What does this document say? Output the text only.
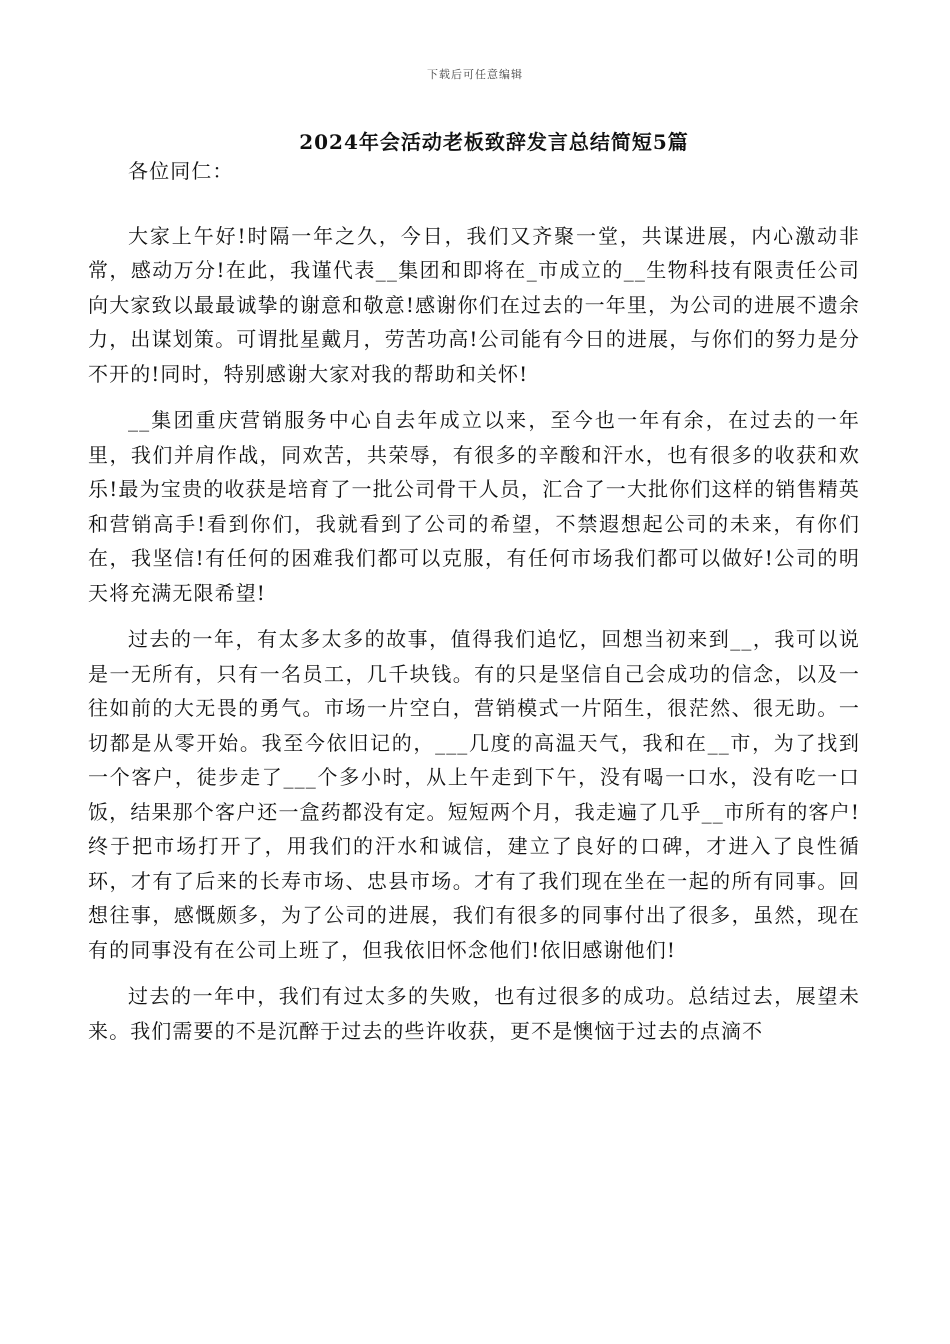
下载后可任意编辑
2024年会活动老板致辞发言总结简短5篇

各位同仁：

大家上午好!时隔一年之久，今日，我们又齐聚一堂，共谋进展，内心激动非常，感动万分!在此，我谨代表__集团和即将在_市成立的__生物科技有限责任公司向大家致以最最诚挚的谢意和敬意!感谢你们在过去的一年里，为公司的进展不遗余力，出谋划策。可谓批星戴月，劳苦功高!公司能有今日的进展，与你们的努力是分不开的!同时，特别感谢大家对我的帮助和关怀!

__集团重庆营销服务中心自去年成立以来，至今也一年有余，在过去的一年里，我们并肩作战，同欢苦，共荣辱，有很多的辛酸和汗水，也有很多的收获和欢乐!最为宝贵的收获是培育了一批公司骨干人员，汇合了一大批你们这样的销售精英和营销高手!看到你们，我就看到了公司的希望，不禁遐想起公司的未来，有你们在，我坚信!有任何的困难我们都可以克服，有任何市场我们都可以做好!公司的明天将充满无限希望!

过去的一年，有太多太多的故事，值得我们追忆，回想当初来到__，我可以说是一无所有，只有一名员工，几千块钱。有的只是坚信自己会成功的信念，以及一往如前的大无畏的勇气。市场一片空白，营销模式一片陌生，很茫然、很无助。一切都是从零开始。我至今依旧记的，___几度的高温天气，我和在__市，为了找到一个客户，徒步走了___个多小时，从上午走到下午，没有喝一口水，没有吃一口饭，结果那个客户还一盒药都没有定。短短两个月，我走遍了几乎__市所有的客户!终于把市场打开了，用我们的汗水和诚信，建立了良好的口碑，才进入了良性循环，才有了后来的长寿市场、忠县市场。才有了我们现在坐在一起的所有同事。回想往事，感慨颇多，为了公司的进展，我们有很多的同事付出了很多，虽然，现在有的同事没有在公司上班了，但我依旧怀念他们!依旧感谢他们!

过去的一年中，我们有过太多的失败，也有过很多的成功。总结过去，展望未来。我们需要的不是沉醉于过去的些许收获，更不是懊恼于过去的点滴不
